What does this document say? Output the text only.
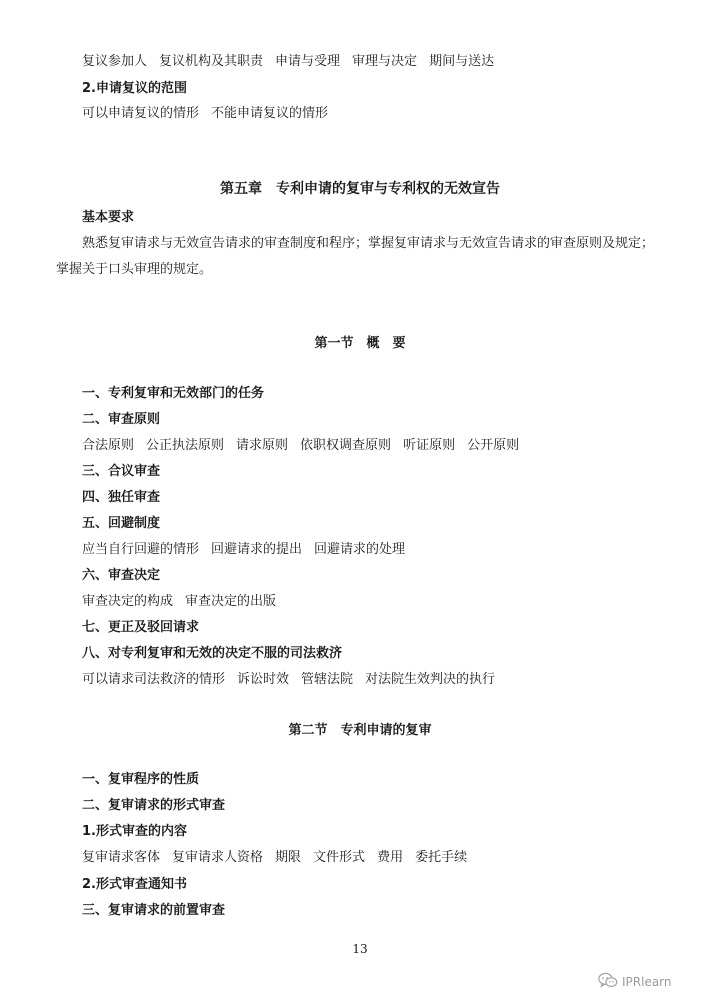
复议参加人 复议机构及其职责 申请与受理 审理与决定 期间与送达
2.申请复议的范围
可以申请复议的情形 不能申请复议的情形
第五章　专利申请的复审与专利权的无效宣告
基本要求
熟悉复审请求与无效宣告请求的审查制度和程序；掌握复审请求与无效宣告请求的审查原则及规定；
掌握关于口头审理的规定。
第一节　概　要
一、专利复审和无效部门的任务
二、审查原则
合法原则 公正执法原则 请求原则 依职权调查原则 听证原则 公开原则
三、合议审查
四、独任审查
五、回避制度
应当自行回避的情形 回避请求的提出 回避请求的处理
六、审查决定
审查决定的构成 审查决定的出版
七、更正及驳回请求
八、对专利复审和无效的决定不服的司法救济
可以请求司法救济的情形 诉讼时效 管辖法院 对法院生效判决的执行
第二节　专利申请的复审
一、复审程序的性质
二、复审请求的形式审查
1.形式审查的内容
复审请求客体 复审请求人资格 期限 文件形式 费用 委托手续
2.形式审查通知书
三、复审请求的前置审查
13
IPRlearn
